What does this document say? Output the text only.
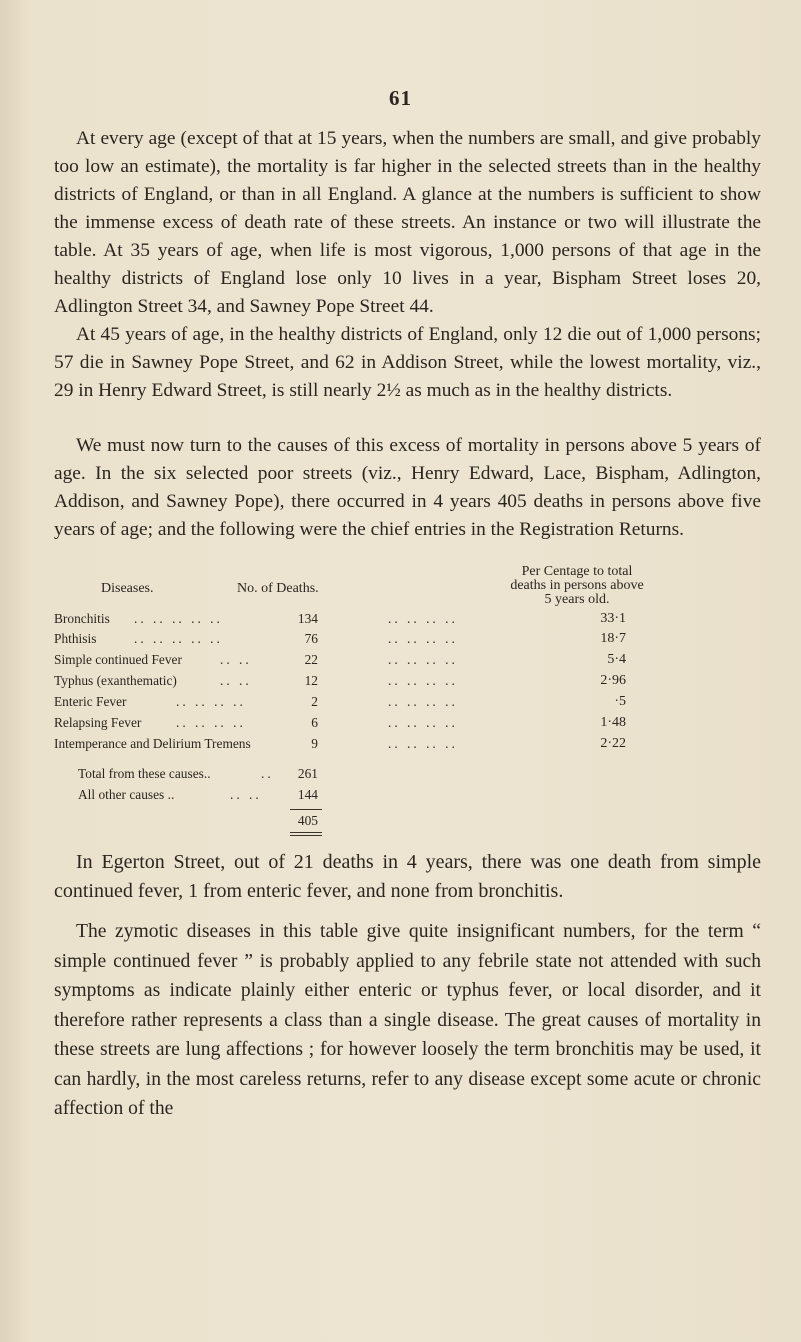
61

At every age (except of that at 15 years, when the numbers are small, and give probably too low an estimate), the mortality is far higher in the selected streets than in the healthy districts of England, or than in all England. A glance at the numbers is sufficient to show the immense excess of death rate of these streets. An instance or two will illustrate the table. At 35 years of age, when life is most vigorous, 1,000 persons of that age in the healthy districts of England lose only 10 lives in a year, Bispham Street loses 20, Adlington Street 34, and Sawney Pope Street 44.

At 45 years of age, in the healthy districts of England, only 12 die out of 1,000 persons; 57 die in Sawney Pope Street, and 62 in Addison Street, while the lowest mortality, viz., 29 in Henry Edward Street, is still nearly 2½ as much as in the healthy districts.

We must now turn to the causes of this excess of mortality in persons above 5 years of age. In the six selected poor streets (viz., Henry Edward, Lace, Bispham, Adlington, Addison, and Sawney Pope), there occurred in 4 years 405 deaths in persons above five years of age; and the following were the chief entries in the Registration Returns.

Diseases.	No. of Deaths.
Per Centage to total
deaths in persons above
5 years old.
Bronchitis .. .. .. .. ..	134	.. .. .. ..	33·1
Phthisis	.. .. .. .. ..	76	.. .. .. ..	18·7
Simple continued Fever	.. ..	22	.. .. .. ..	5·4
Typhus (exanthematic)	.. ..	12	.. .. .. ..	2·96
Enteric Fever	.. .. .. ..	2	.. .. .. ..	·5
Relapsing Fever	.. .. .. ..	6	.. .. .. ..	1·48
Intemperance and Delirium Tremens	9	.. .. .. ..	2·22
Total from these causes..	.. 261
All other causes ..	.. ..	144
405

In Egerton Street, out of 21 deaths in 4 years, there was one death from simple continued fever, 1 from enteric fever, and none from bronchitis.

The zymotic diseases in this table give quite insignificant numbers, for the term “ simple continued fever ” is probably applied to any febrile state not attended with such symptoms as indicate plainly either enteric or typhus fever, or local disorder, and it therefore rather represents a class than a single disease. The great causes of mortality in these streets are lung affections ; for however loosely the term bronchitis may be used, it can hardly, in the most careless returns, refer to any disease except some acute or chronic affection of the
